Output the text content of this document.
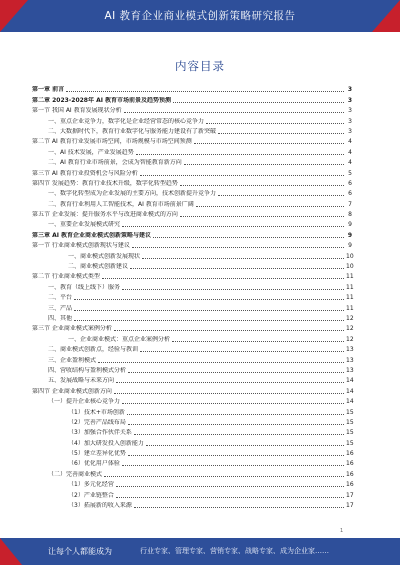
AI 教育企业商业模式创新策略研究报告
内容目录
第一章 前言	3
第二章 2023-2028年 AI 教育市场前景及趋势预测	3
第一节 我国 AI 教育发展现状分析	3
一、重点企业竞争力，数字化是企业经营常态的核心竞争力	3
二、大数据时代下，教育行业数字化与服务能力建设有了新突破	3
第二节 AI 教育行业发展市场空间，市场规模与市场空间预测	4
一、AI 技术发展，产业发展趋势	4
二、AI 教育行业市场前景，会成为智能教育新方向	4
第三节 AI 教育行业投资机会与风险分析	5
第四节 发展趋势：教育行业技术升级，数字化转型趋势	6
一、数字化转型成为企业发展的主要方向，技术创新提升竞争力	6
二、教育行业利用人工智能技术，AI 教育市场前景广阔	7
第五节 企业发展：提升服务水平与改进商业模式的方向	8
一、重要企业发展模式研究	9
第三章 AI 教育企业商业模式创新策略与建议	9
第一节 行业商业模式创新现状与建议	9
一、商业模式创新发展现状	10
二、商业模式创新建议	10
第二节 行业商业模式类型	11
一、教育（线上线下）服务	11
二、平台	11
三、产品	11
四、其他	12
第三节 企业商业模式案例分析	12
一、企业商业模式：重点企业案例分析	12
二、商业模式创新点，经验与教训	13
三、企业盈利模式	13
四、营收结构与盈利模式分析	13
五、发展战略与未来方向	14
第四节 企业商业模式创新方向	14
（一）提升企业核心竞争力	14
（1）技术+市场创新	15
（2）完善产品线布局	15
（3）加强合作伙伴关系	15
（4）加大研发投入创新能力	15
（5）建立差异化优势	16
（6）优化用户体验	16
（二）完善商业模式	16
（1）多元化经营	16
（2）产业链整合	17
（3）拓展新的收入来源	17
1
让每个人都能成为	行业专家、管理专家、营销专家、战略专家、成为企业家……
